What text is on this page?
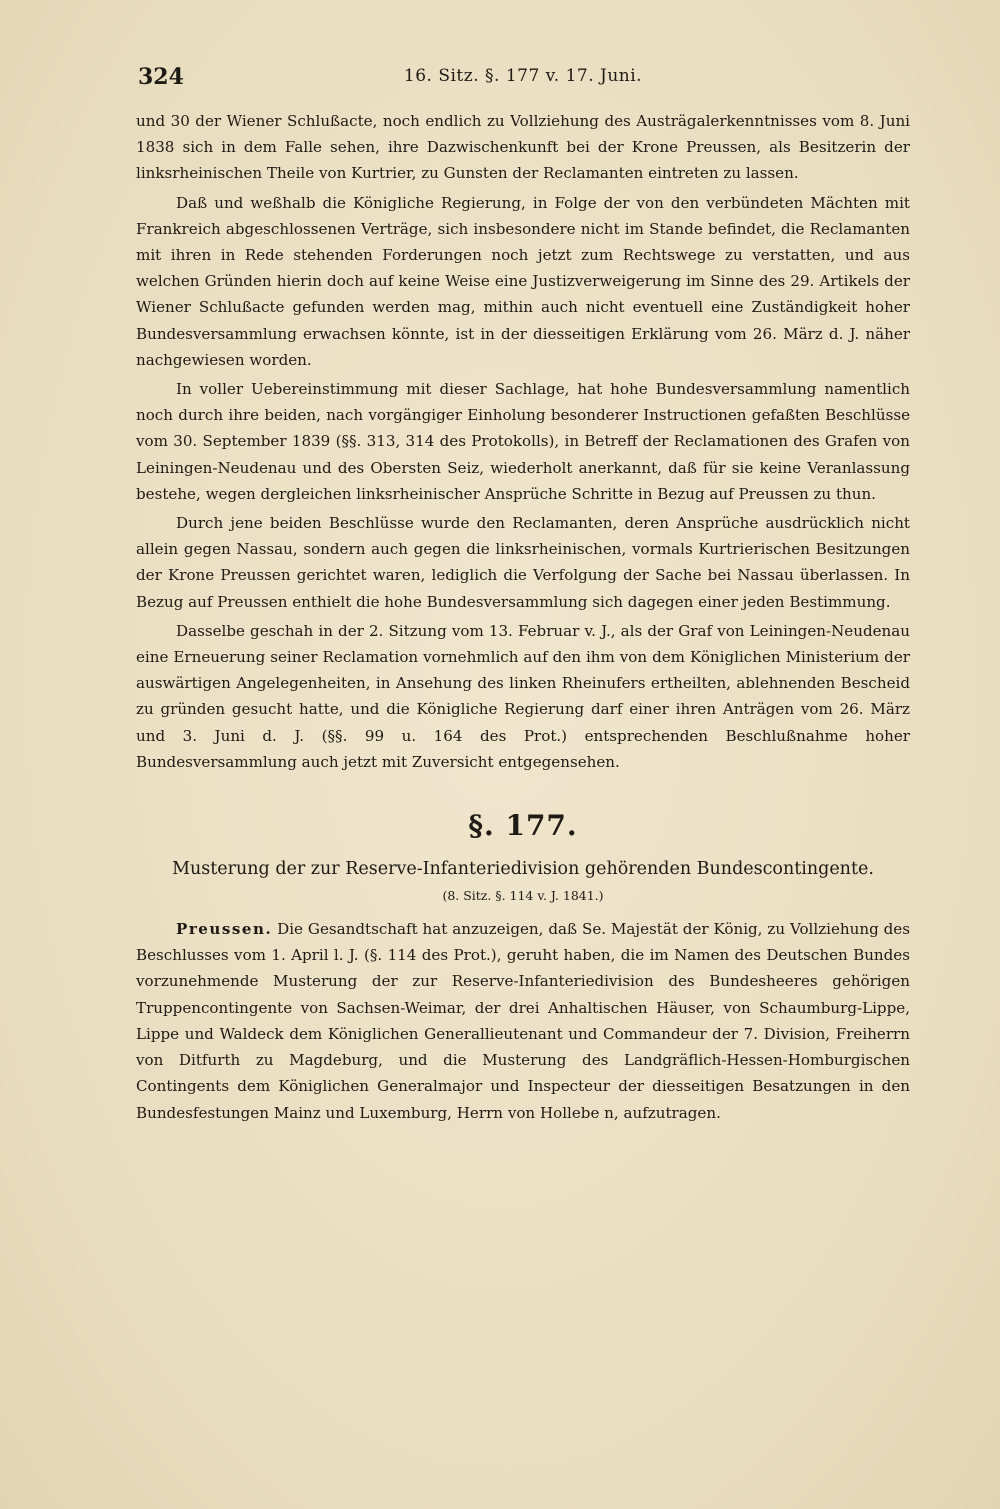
324	16. Sitz. §. 177 v. 17. Juni.

und 30 der Wiener Schlußacte, noch endlich zu Vollziehung des Austrägalerkenntnisses vom 8. Juni 1838 sich in dem Falle sehen, ihre Dazwischenkunft bei der Krone Preussen, als Besitzerin der linksrheinischen Theile von Kurtrier, zu Gunsten der Reclamanten eintreten zu lassen.

Daß und weßhalb die Königliche Regierung, in Folge der von den verbündeten Mächten mit Frankreich abgeschlossenen Verträge, sich insbesondere nicht im Stande befindet, die Reclamanten mit ihren in Rede stehenden Forderungen noch jetzt zum Rechtswege zu verstatten, und aus welchen Gründen hierin doch auf keine Weise eine Justizverweigerung im Sinne des 29. Artikels der Wiener Schlußacte gefunden werden mag, mithin auch nicht eventuell eine Zuständigkeit hoher Bundesversammlung erwachsen könnte, ist in der diesseitigen Erklärung vom 26. März d. J. näher nachgewiesen worden.

In voller Uebereinstimmung mit dieser Sachlage, hat hohe Bundesversammlung namentlich noch durch ihre beiden, nach vorgängiger Einholung besonderer Instructionen gefaßten Beschlüsse vom 30. September 1839 (§§. 313, 314 des Protokolls), in Betreff der Reclamationen des Grafen von Leiningen-Neudenau und des Obersten Seiz, wiederholt anerkannt, daß für sie keine Veranlassung bestehe, wegen dergleichen linksrheinischer Ansprüche Schritte in Bezug auf Preussen zu thun.

Durch jene beiden Beschlüsse wurde den Reclamanten, deren Ansprüche ausdrücklich nicht allein gegen Nassau, sondern auch gegen die linksrheinischen, vormals Kurtrierischen Besitzungen der Krone Preussen gerichtet waren, lediglich die Verfolgung der Sache bei Nassau überlassen. In Bezug auf Preussen enthielt die hohe Bundesversammlung sich dagegen einer jeden Bestimmung.

Dasselbe geschah in der 2. Sitzung vom 13. Februar v. J., als der Graf von Leiningen-Neudenau eine Erneuerung seiner Reclamation vornehmlich auf den ihm von dem Königlichen Ministerium der auswärtigen Angelegenheiten, in Ansehung des linken Rheinufers ertheilten, ablehnenden Bescheid zu gründen gesucht hatte, und die Königliche Regierung darf einer ihren Anträgen vom 26. März und 3. Juni d. J. (§§. 99 u. 164 des Prot.) entsprechenden Beschlußnahme hoher Bundesversammlung auch jetzt mit Zuversicht entgegensehen.

§. 177.
Musterung der zur Reserve-Infanteriedivision gehörenden Bundescontingente.
(8. Sitz. §. 114 v. J. 1841.)

Preussen. Die Gesandtschaft hat anzuzeigen, daß Se. Majestät der König, zu Vollziehung des Beschlusses vom 1. April l. J. (§. 114 des Prot.), geruht haben, die im Namen des Deutschen Bundes vorzunehmende Musterung der zur Reserve-Infanteriedivision des Bundesheeres gehörigen Truppencontingente von Sachsen-Weimar, der drei Anhaltischen Häuser, von Schaumburg-Lippe, Lippe und Waldeck dem Königlichen Generallieutenant und Commandeur der 7. Division, Freiherrn von Ditfurth zu Magdeburg, und die Musterung des Landgräflich-Hessen-Homburgischen Contingents dem Königlichen Generalmajor und Inspecteur der diesseitigen Besatzungen in den Bundesfestungen Mainz und Luxemburg, Herrn von Hollebe n, aufzutragen.
